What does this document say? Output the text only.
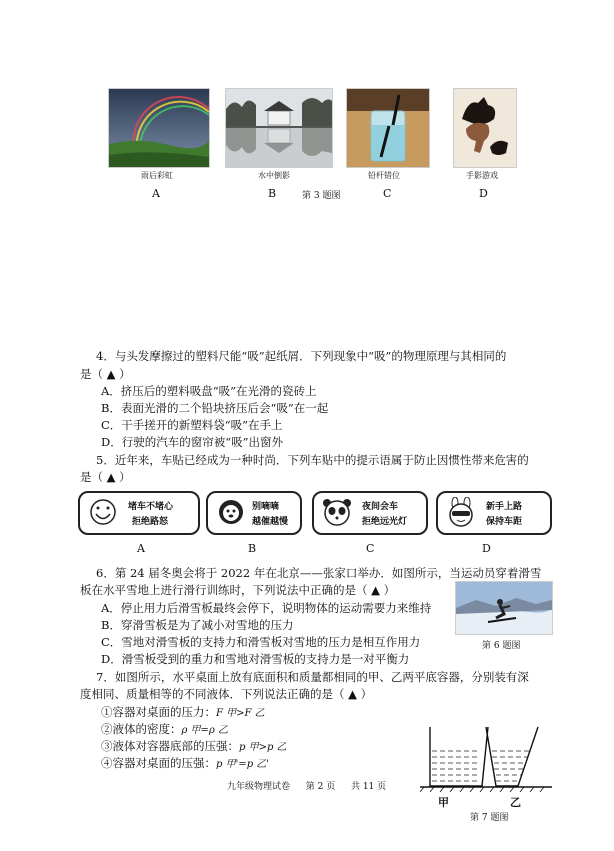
雨后彩虹
A
水中倒影
B	第 3 题图
铅杆错位
C
手影游戏
D
4．与头发摩擦过的塑料尺能“吸”起纸屑．下列现象中“吸”的物理原理与其相同的
是（ ▲ ）
A．挤压后的塑料吸盘“吸”在光滑的瓷砖上
B．表面光滑的二个铅块挤压后会“吸”在一起
C．干手搓开的新塑料袋“吸”在手上
D．行驶的汽车的窗帘被“吸”出窗外
5．近年来，车贴已经成为一种时尚．下列车贴中的提示语属于防止因惯性带来危害的
是（ ▲ ）
堵车不堵心
拒绝路怒
别嘀嘀
越催越慢
夜间会车
拒绝远光灯
新手上路
保持车距
A	B	C	D
6．第 24 届冬奥会将于 2022 年在北京——张家口举办．如图所示，当运动员穿着滑雪
板在水平雪地上进行滑行训练时，下列说法中正确的是（ ▲ ）
A．停止用力后滑雪板最终会停下，说明物体的运动需要力来维持
B．穿滑雪板是为了减小对雪地的压力
C．雪地对滑雪板的支持力和滑雪板对雪地的压力是相互作用力
D．滑雪板受到的重力和雪地对滑雪板的支持力是一对平衡力
第 6 题图
7．如图所示，水平桌面上放有底面积和质量都相同的甲、乙两平底容器，分别装有深
度相同、质量相等的不同液体．下列说法正确的是（ ▲ ）
①容器对桌面的压力：F 甲>F 乙
②液体的密度：ρ 甲=ρ 乙
③液体对容器底部的压强：p 甲>p 乙
④容器对桌面的压强：p 甲'=p 乙'
甲	乙
第 7 题图
九年级物理试卷 第 2 页 共 11 页
